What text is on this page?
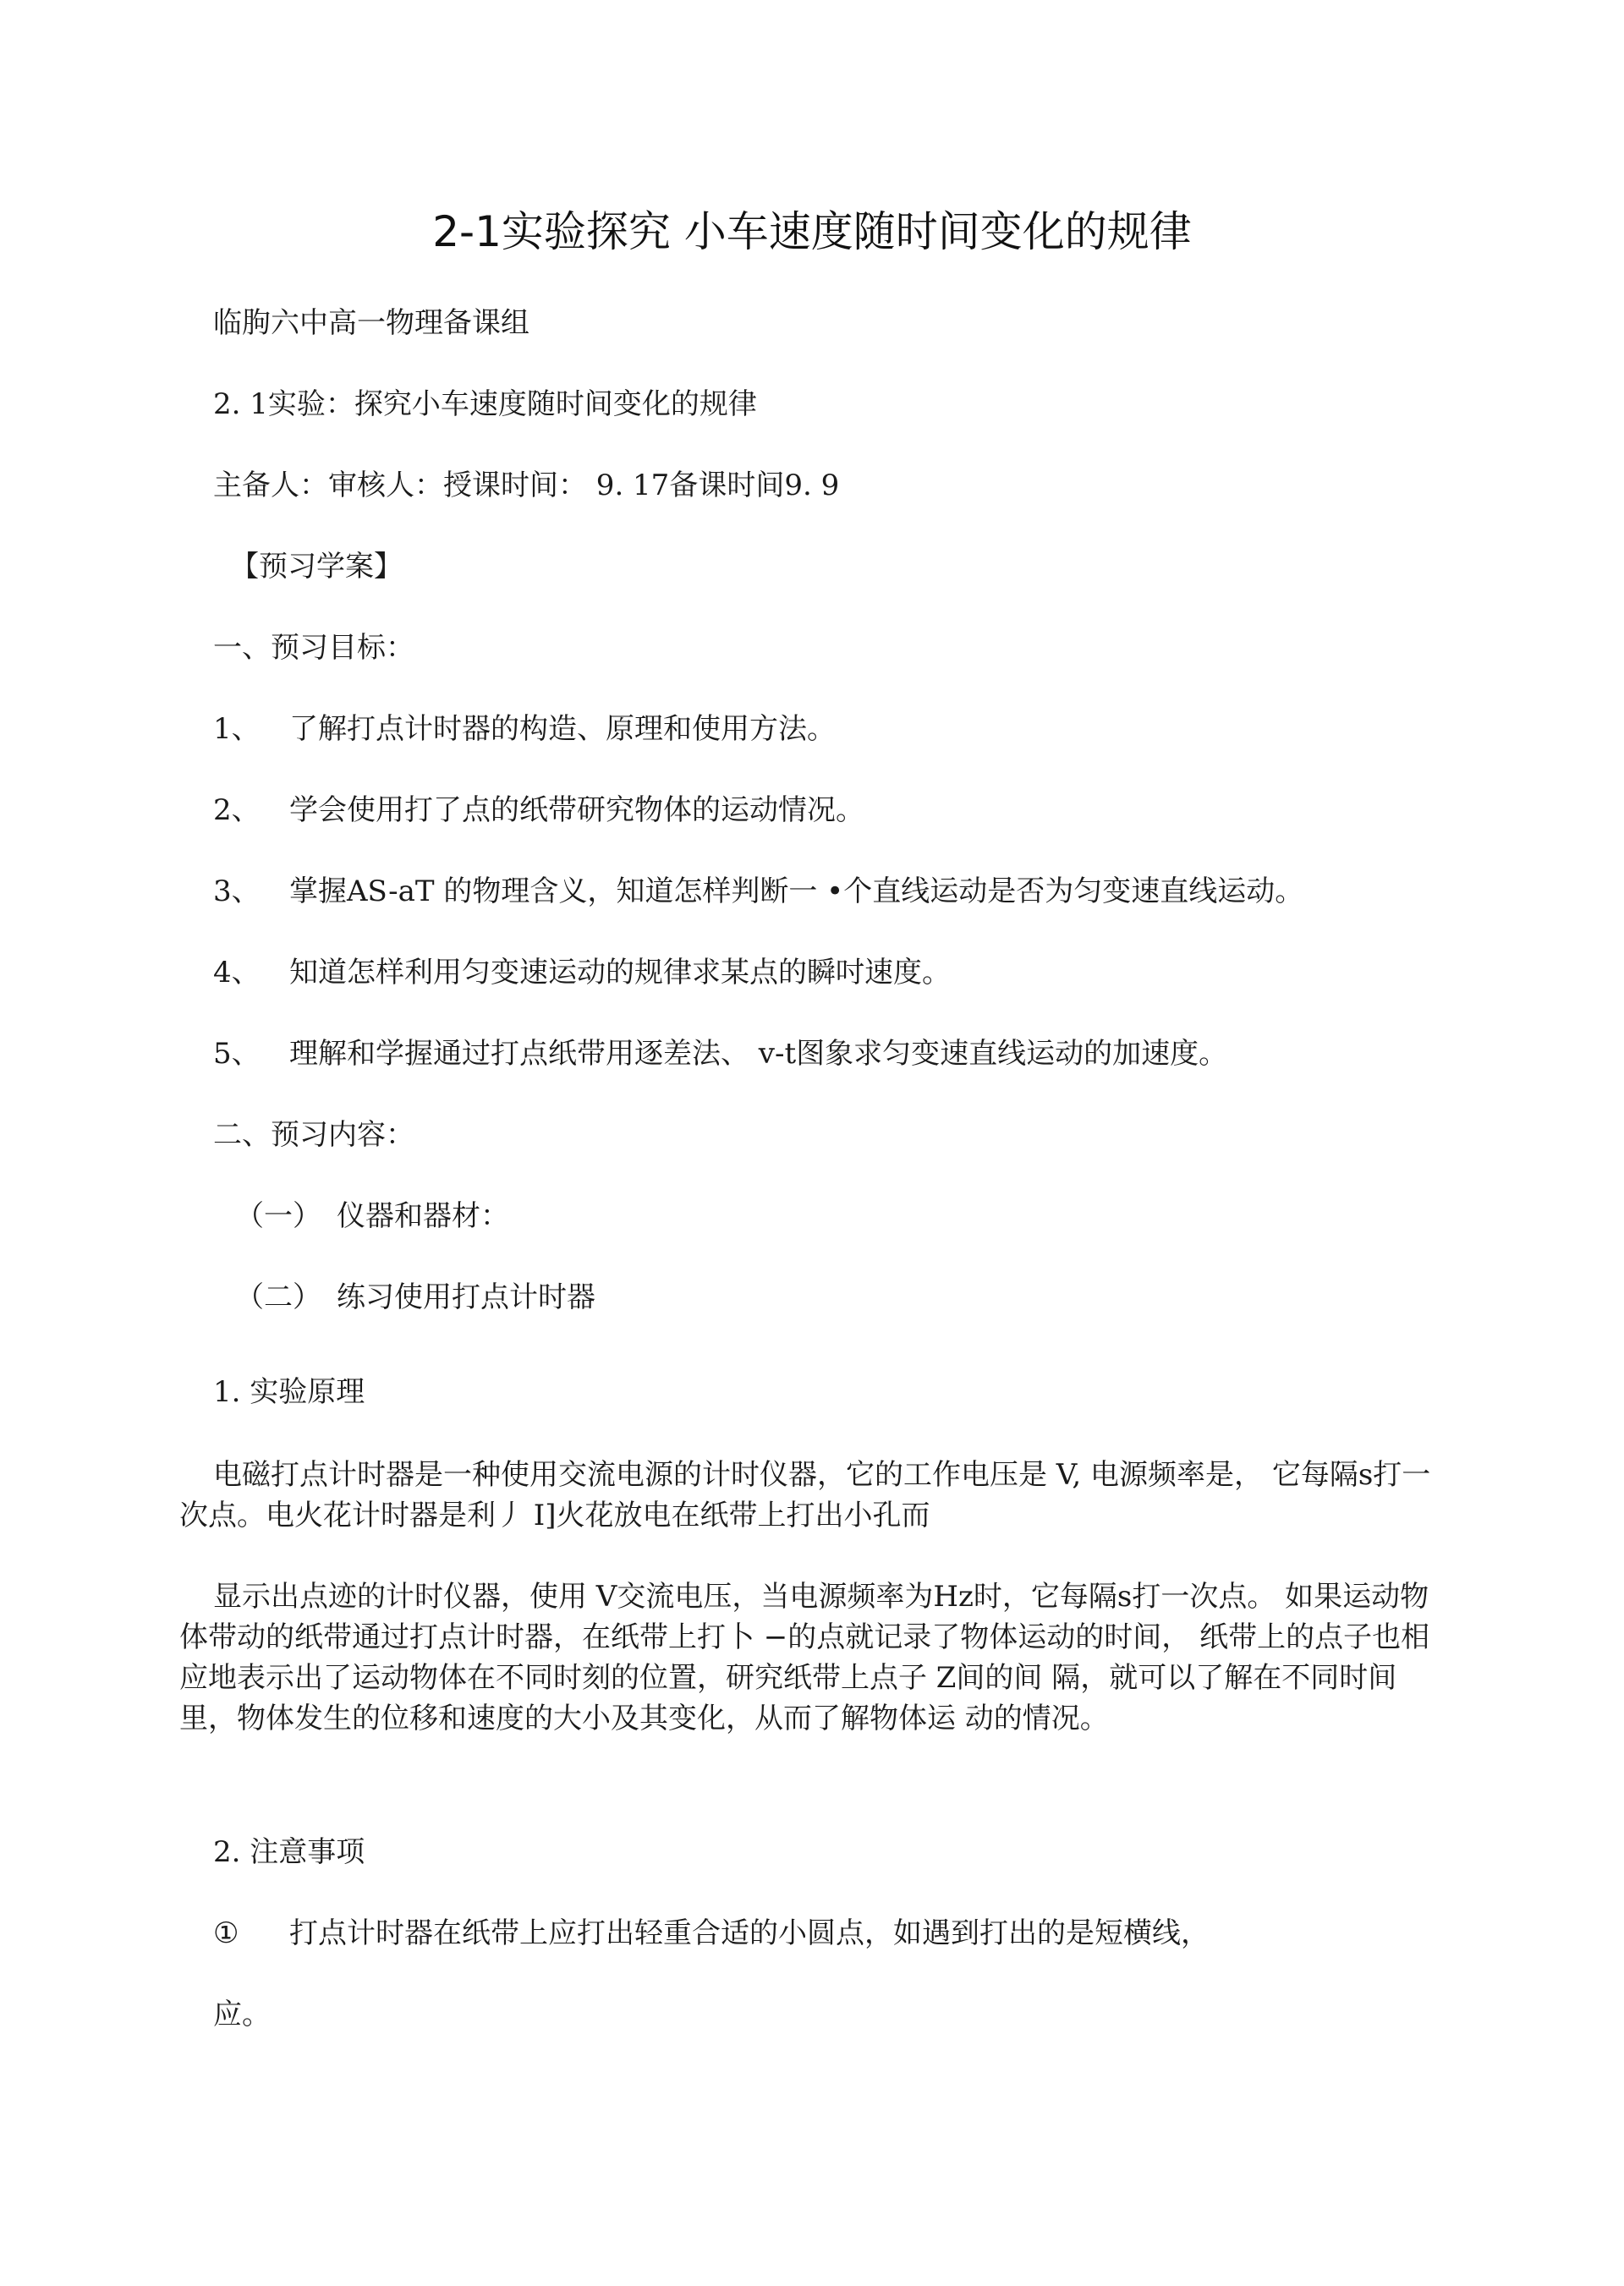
2-1实验探究 小车速度随时间变化的规律
临朐六中高一物理备课组
2. 1实验：探究小车速度随时间变化的规律
主备人：审核人：授课时间： 9. 17备课时间9. 9
【预习学案】
一、预习目标：
1、 了解打点计时器的构造、原理和使用方法。
2、 学会使用打了点的纸带研究物体的运动情况。
3、 掌握AS-aT 的物理含义，知道怎样判断一 •个直线运动是否为匀变速直线运动。
4、 知道怎样利用匀变速运动的规律求某点的瞬吋速度。
5、 理解和学握通过打点纸带用逐差法、 v-t图象求匀变速直线运动的加速度。
二、预习内容：
（一） 仪器和器材：
（二） 练习使用打点计时器
1. 实验原理
电磁打点计时器是一种使用交流电源的计时仪器，它的工作电压是 V, 电源频率是， 它每隔s打一次点。电火花计时器是利丿 I]火花放电在纸带上打出小孔而
显示出点迹的计时仪器，使用 V交流电压，当电源频率为Hz时，它每隔s打一次点。 如果运动物体带动的纸带通过打点计时器，在纸带上打卜 −的点就记录了物体运动的时间， 纸带上的点子也相应地表示出了运动物体在不同时刻的位置，研究纸带上点子 Z间的间 隔，就可以了解在不同时间里，物体发生的位移和速度的大小及其变化，从而了解物体运 动的情况。
2. 注意事项
① 打点计时器在纸带上应打出轻重合适的小圆点，如遇到打出的是短横线，
应。
